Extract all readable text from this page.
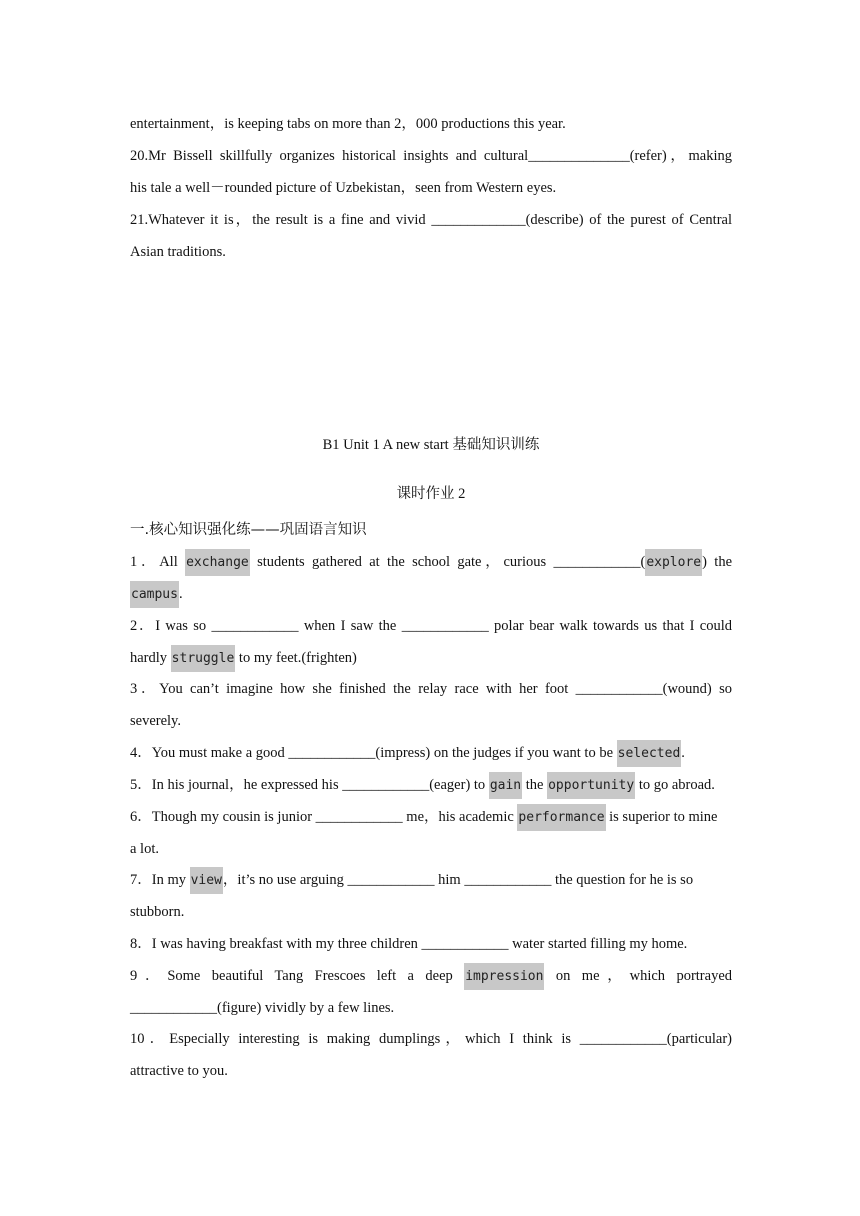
entertainment，is keeping tabs on more than 2，000 productions this year.
20.Mr Bissell skillfully organizes historical insights and cultural______________(refer)，making
his tale a well－rounded picture of Uzbekistan，seen from Western eyes.
21.Whatever it is，the result is a fine and vivid _____________(describe) of the purest of Central
Asian traditions.
B1 Unit 1 A new start 基础知识训练
课时作业 2
一.核心知识强化练——巩固语言知识
1．All exchange students gathered at the school gate，curious ____________(explore) the
campus.
2．I was so ____________ when I saw the ____________ polar bear walk towards us that I could
hardly struggle to my feet.(frighten)
3．You can’t imagine how she finished the relay race with her foot ____________(wound) so
severely.
4．You must make a good ____________(impress) on the judges if you want to be selected.
5．In his journal，he expressed his ____________(eager) to gain the opportunity to go abroad.
6．Though my cousin is junior ____________ me，his academic performance is superior to mine
a lot.
7．In my view，it’s no use arguing ____________ him ____________ the question for he is so
stubborn.
8．I was having breakfast with my three children ____________ water started filling my home.
9．Some beautiful Tang Frescoes left a deep impression on me，which portrayed
____________(figure) vividly by a few lines.
10．Especially interesting is making dumplings，which I think is ____________(particular)
attractive to you.
